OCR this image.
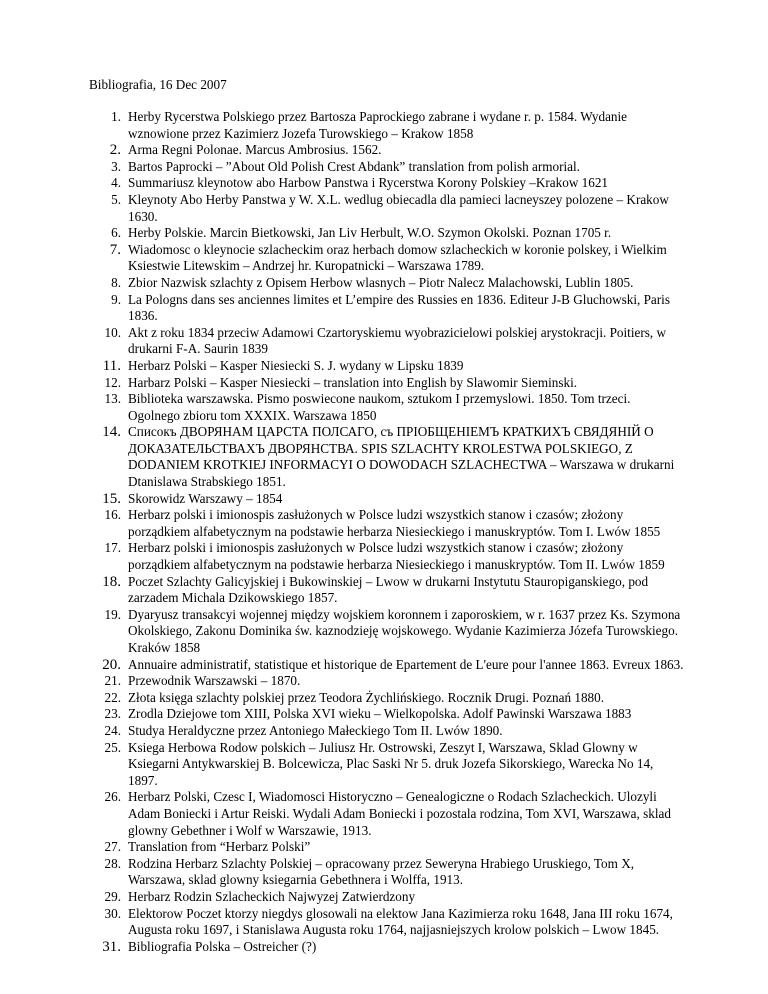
Bibliografia, 16 Dec 2007
1. Herby Rycerstwa Polskiego przez Bartosza Paprockiego zabrane i wydane r. p. 1584. Wydanie wznowione przez Kazimierz Jozefa Turowskiego – Krakow 1858
2. Arma Regni Polonae. Marcus Ambrosius. 1562.
3. Bartos Paprocki – ”About Old Polish Crest Abdank” translation from polish armorial.
4. Summariusz kleynotow abo Harbow Panstwa i Rycerstwa Korony Polskiey –Krakow 1621
5. Kleynoty Abo Herby Panstwa y W. X.L. wedlug obiecadla dla pamieci lacneyszey polozene – Krakow 1630.
6. Herby Polskie. Marcin Bietkowski, Jan Liv Herbult, W.O. Szymon Okolski. Poznan 1705 r.
7. Wiadomosc o kleynocie szlacheckim oraz herbach domow szlacheckich w koronie polskey, i Wielkim Ksiestwie Litewskim – Andrzej hr. Kuropatnicki – Warszawa 1789.
8. Zbior Nazwisk szlachty z Opisem Herbow wlasnych – Piotr Nalecz Malachowski, Lublin 1805.
9. La Pologns dans ses anciennes limites et L’empire des Russies en 1836. Editeur J-B Gluchowski, Paris 1836.
10. Akt z roku 1834 przeciw Adamowi Czartoryskiemu wyobrazicielowi polskiej arystokracji. Poitiers, w drukarni F-A. Saurin 1839
11. Herbarz Polski – Kasper Niesiecki S. J. wydany w Lipsku 1839
12. Harbarz Polski – Kasper Niesiecki – translation into English by Slawomir Sieminski.
13. Biblioteka warszawska. Pismo poswiecone naukom, sztukom I przemyslowi. 1850. Tom trzeci. Ogolnego zbioru tom XXXIX. Warszawa 1850
14. Списокъ ДВОРЯНАМ ЦАРСТА ПОЛСАГО, съ ПРІОБЩЕНІЕМЪ КРАТКИХЪ СВЯДЯНІЙ О ДОКАЗАТЕЛЬСТВАХЪ ДВОРЯНСТВА. SPIS SZLACHTY KROLESTWA POLSKIEGO, Z DODANIEM KROTKIEJ INFORMACYI O DOWODACH SZLACHECTWA – Warszawa w drukarni Dtanislawa Strabskiego 1851.
15. Skorowidz Warszawy – 1854
16. Herbarz polski i imionospis zasłużonych w Polsce ludzi wszystkich stanow i czasów; złożony porządkiem alfabetycznym na podstawie herbarza Niesieckiego i manuskryptów. Tom I. Lwów 1855
17. Herbarz polski i imionospis zasłużonych w Polsce ludzi wszystkich stanow i czasów; złożony porządkiem alfabetycznym na podstawie herbarza Niesieckiego i manuskryptów. Tom II. Lwów 1859
18. Poczet Szlachty Galicyjskiej i Bukowinskiej – Lwow w drukarni Instytutu Stauropiganskiego, pod zarzadem Michala Dzikowskiego 1857.
19. Dyaryusz transakcyi wojennej między wojskiem koronnem i zaporoskiem, w r. 1637 przez Ks. Szymona Okolskiego, Zakonu Dominika św. kaznodzieję wojskowego. Wydanie Kazimierza Józefa Turowskiego. Kraków 1858
20. Annuaire administratif, statistique et historique de Epartement de L'eure pour l'annee 1863. Evreux 1863.
21. Przewodnik Warszawski – 1870.
22. Złota księga szlachty polskiej przez Teodora Żychlińskiego. Rocznik Drugi. Poznań 1880.
23. Zrodla Dziejowe tom XIII, Polska XVI wieku – Wielkopolska. Adolf Pawinski Warszawa 1883
24. Studya Heraldyczne przez Antoniego Małeckiego Tom II. Lwów 1890.
25. Ksiega Herbowa Rodow polskich – Juliusz Hr. Ostrowski, Zeszyt I, Warszawa, Sklad Glowny w Ksiegarni Antykwarskiej B. Bolcewicza, Plac Saski Nr 5. druk Jozefa Sikorskiego, Warecka No 14, 1897.
26. Herbarz Polski, Czesc I, Wiadomosci Historyczno – Genealogiczne o Rodach Szlacheckich. Ulozyli Adam Boniecki i Artur Reiski. Wydali Adam Boniecki i pozostala rodzina, Tom XVI, Warszawa, sklad glowny Gebethner i Wolf w Warszawie, 1913.
27. Translation from “Herbarz Polski”
28. Rodzina Herbarz Szlachty Polskiej – opracowany przez Seweryna Hrabiego Uruskiego, Tom X, Warszawa, sklad glowny ksiegarnia Gebethnera i Wolffa, 1913.
29. Herbarz Rodzin Szlacheckich Najwyzej Zatwierdzony
30. Elektorow Poczet ktorzy niegdys glosowali na elektow Jana Kazimierza roku 1648, Jana III roku 1674, Augusta roku 1697, i Stanislawa Augusta roku 1764, najjasniejszych krolow polskich – Lwow 1845.
31. Bibliografia Polska – Ostreicher (?)
